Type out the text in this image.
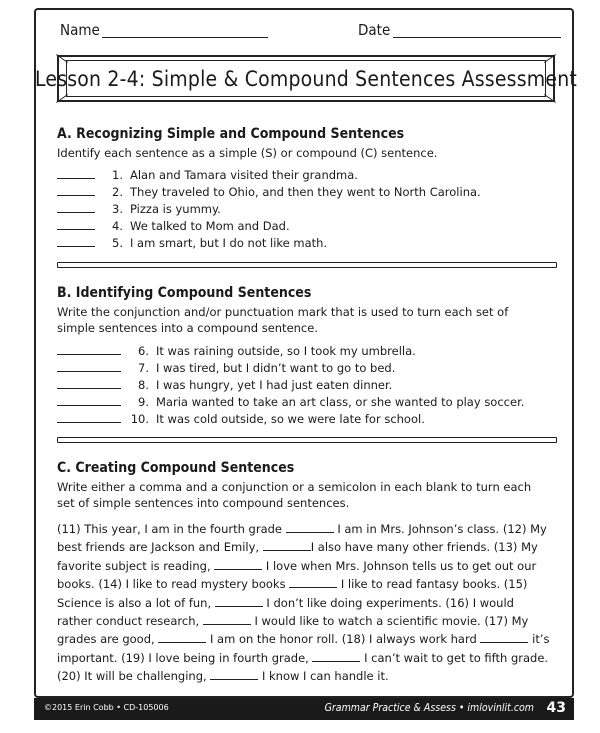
Name	Date
Lesson 2-4: Simple & Compound Sentences Assessment
A. Recognizing Simple and Compound Sentences
Identify each sentence as a simple (S) or compound (C) sentence.
1. Alan and Tamara visited their grandma.
2. They traveled to Ohio, and then they went to North Carolina.
3. Pizza is yummy.
4. We talked to Mom and Dad.
5. I am smart, but I do not like math.
B. Identifying Compound Sentences
Write the conjunction and/or punctuation mark that is used to turn each set of simple sentences into a compound sentence.
6. It was raining outside, so I took my umbrella.
7. I was tired, but I didn’t want to go to bed.
8. I was hungry, yet I had just eaten dinner.
9. Maria wanted to take an art class, or she wanted to play soccer.
10. It was cold outside, so we were late for school.
C. Creating Compound Sentences
Write either a comma and a conjunction or a semicolon in each blank to turn each set of simple sentences into compound sentences.

(11) This year, I am in the fourth grade	I am in Mrs. Johnson’s class. (12) My best friends are Jackson and Emily,	I also have many other friends. (13) My favorite subject is reading,	I love when Mrs. Johnson tells us to get out our books. (14) I like to read mystery books	I like to read fantasy books. (15) Science is also a lot of fun,	I don’t like doing experiments. (16) I would rather conduct research,	I would like to watch a scientific movie. (17) My grades are good,	I am on the honor roll. (18) I always work hard	it’s important. (19) I love being in fourth grade,	I can’t wait to get to fifth grade. (20) It will be challenging,	I know I can handle it.

©2015 Erin Cobb • CD-105006	Grammar Practice & Assess • imlovinlit.com 43
